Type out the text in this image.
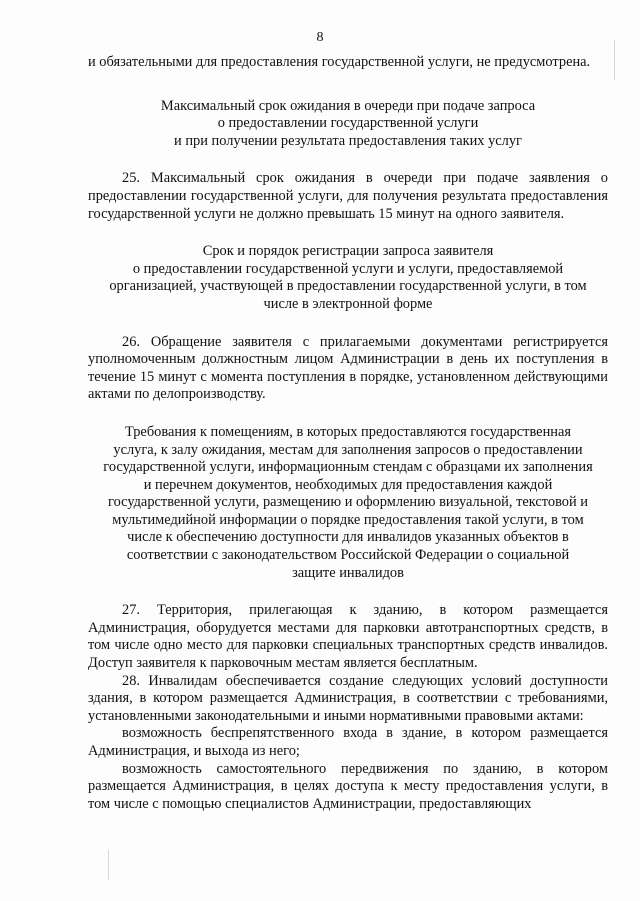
8

и обязательными для предоставления государственной услуги, не предусмотрена.

Максимальный срок ожидания в очереди при подаче запроса

о предоставлении государственной услуги

и при получении результата предоставления таких услуг

25. Максимальный срок ожидания в очереди при подаче заявления о предоставлении государственной услуги, для получения результата предоставления государственной услуги не должно превышать 15 минут на одного заявителя.

Срок и порядок регистрации запроса заявителя

о предоставлении государственной услуги и услуги, предоставляемой

организацией, участвующей в предоставлении государственной услуги, в том

числе в электронной форме

26. Обращение заявителя с прилагаемыми документами регистрируется уполномоченным должностным лицом Администрации в день их поступления в течение 15 минут с момента поступления в порядке, установленном действующими актами по делопроизводству.

Требования к помещениям, в которых предоставляются государственная

услуга, к залу ожидания, местам для заполнения запросов о предоставлении

государственной услуги, информационным стендам с образцами их заполнения

и перечнем документов, необходимых для предоставления каждой

государственной услуги, размещению и оформлению визуальной, текстовой и

мультимедийной информации о порядке предоставления такой услуги, в том

числе к обеспечению доступности для инвалидов указанных объектов в

соответствии с законодательством Российской Федерации о социальной

защите инвалидов

27. Территория, прилегающая к зданию, в котором размещается Администрация, оборудуется местами для парковки автотранспортных средств, в том числе одно место для парковки специальных транспортных средств инвалидов. Доступ заявителя к парковочным местам является бесплатным.

28. Инвалидам обеспечивается создание следующих условий доступности здания, в котором размещается Администрация, в соответствии с требованиями, установленными законодательными и иными нормативными правовыми актами:

возможность беспрепятственного входа в здание, в котором размещается Администрация, и выхода из него;

возможность самостоятельного передвижения по зданию, в котором размещается Администрация, в целях доступа к месту предоставления услуги, в том числе с помощью специалистов Администрации, предоставляющих
